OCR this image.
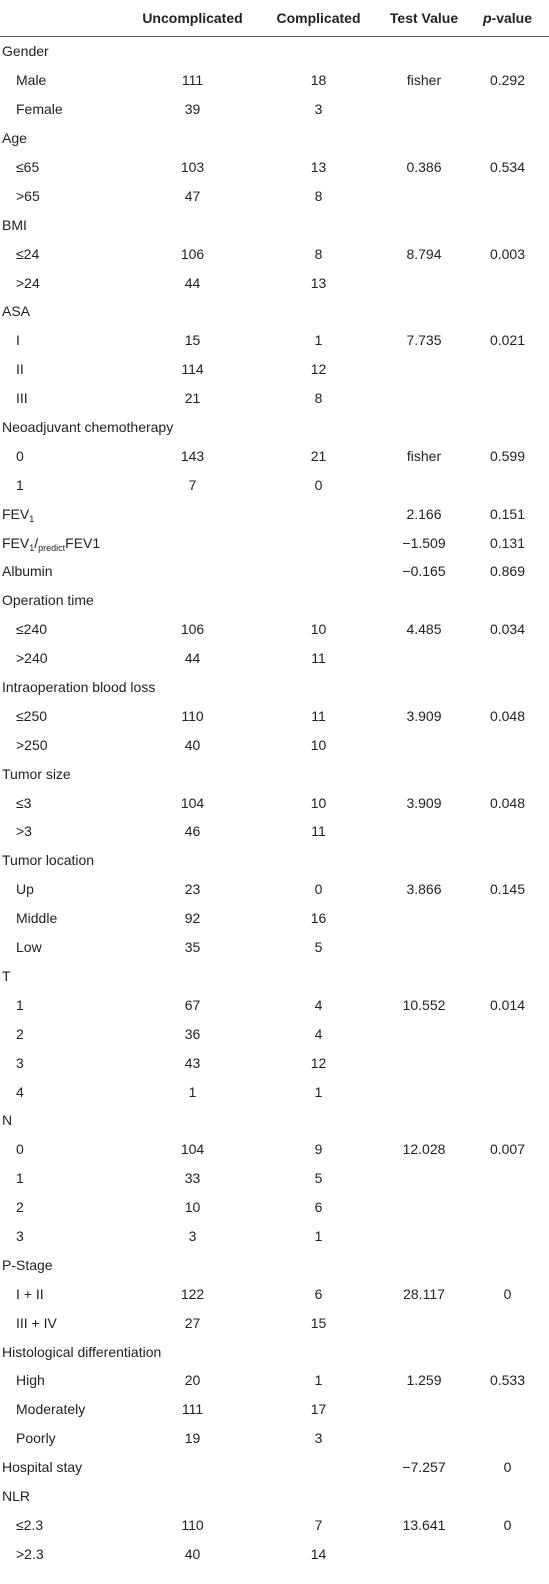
	Uncomplicated	Complicated	Test Value	p-value
Gender				
Male	111	18	fisher	0.292
Female	39	3		
Age				
≤65	103	13	0.386	0.534
>65	47	8		
BMI				
≤24	106	8	8.794	0.003
>24	44	13		
ASA				
I	15	1	7.735	0.021
II	114	12		
III	21	8		
Neoadjuvant chemotherapy				
0	143	21	fisher	0.599
1	7	0		
$FEV_1$			2.166	0.151
$FEV_1/_{predict}FEV1$			−1.509	0.131
Albumin			−0.165	0.869
Operation time				
≤240	106	10	4.485	0.034
>240	44	11		
Intraoperation blood loss				
≤250	110	11	3.909	0.048
>250	40	10		
Tumor size				
≤3	104	10	3.909	0.048
>3	46	11		
Tumor location				
Up	23	0	3.866	0.145
Middle	92	16		
Low	35	5		
T				
1	67	4	10.552	0.014
2	36	4		
3	43	12		
4	1	1		
N				
0	104	9	12.028	0.007
1	33	5		
2	10	6		
3	3	1		
P-Stage				
I + II	122	6	28.117	0
III + IV	27	15		
Histological differentiation				
High	20	1	1.259	0.533
Moderately	111	17		
Poorly	19	3		
Hospital stay			−7.257	0
NLR				
≤2.3	110	7	13.641	0
>2.3	40	14		
